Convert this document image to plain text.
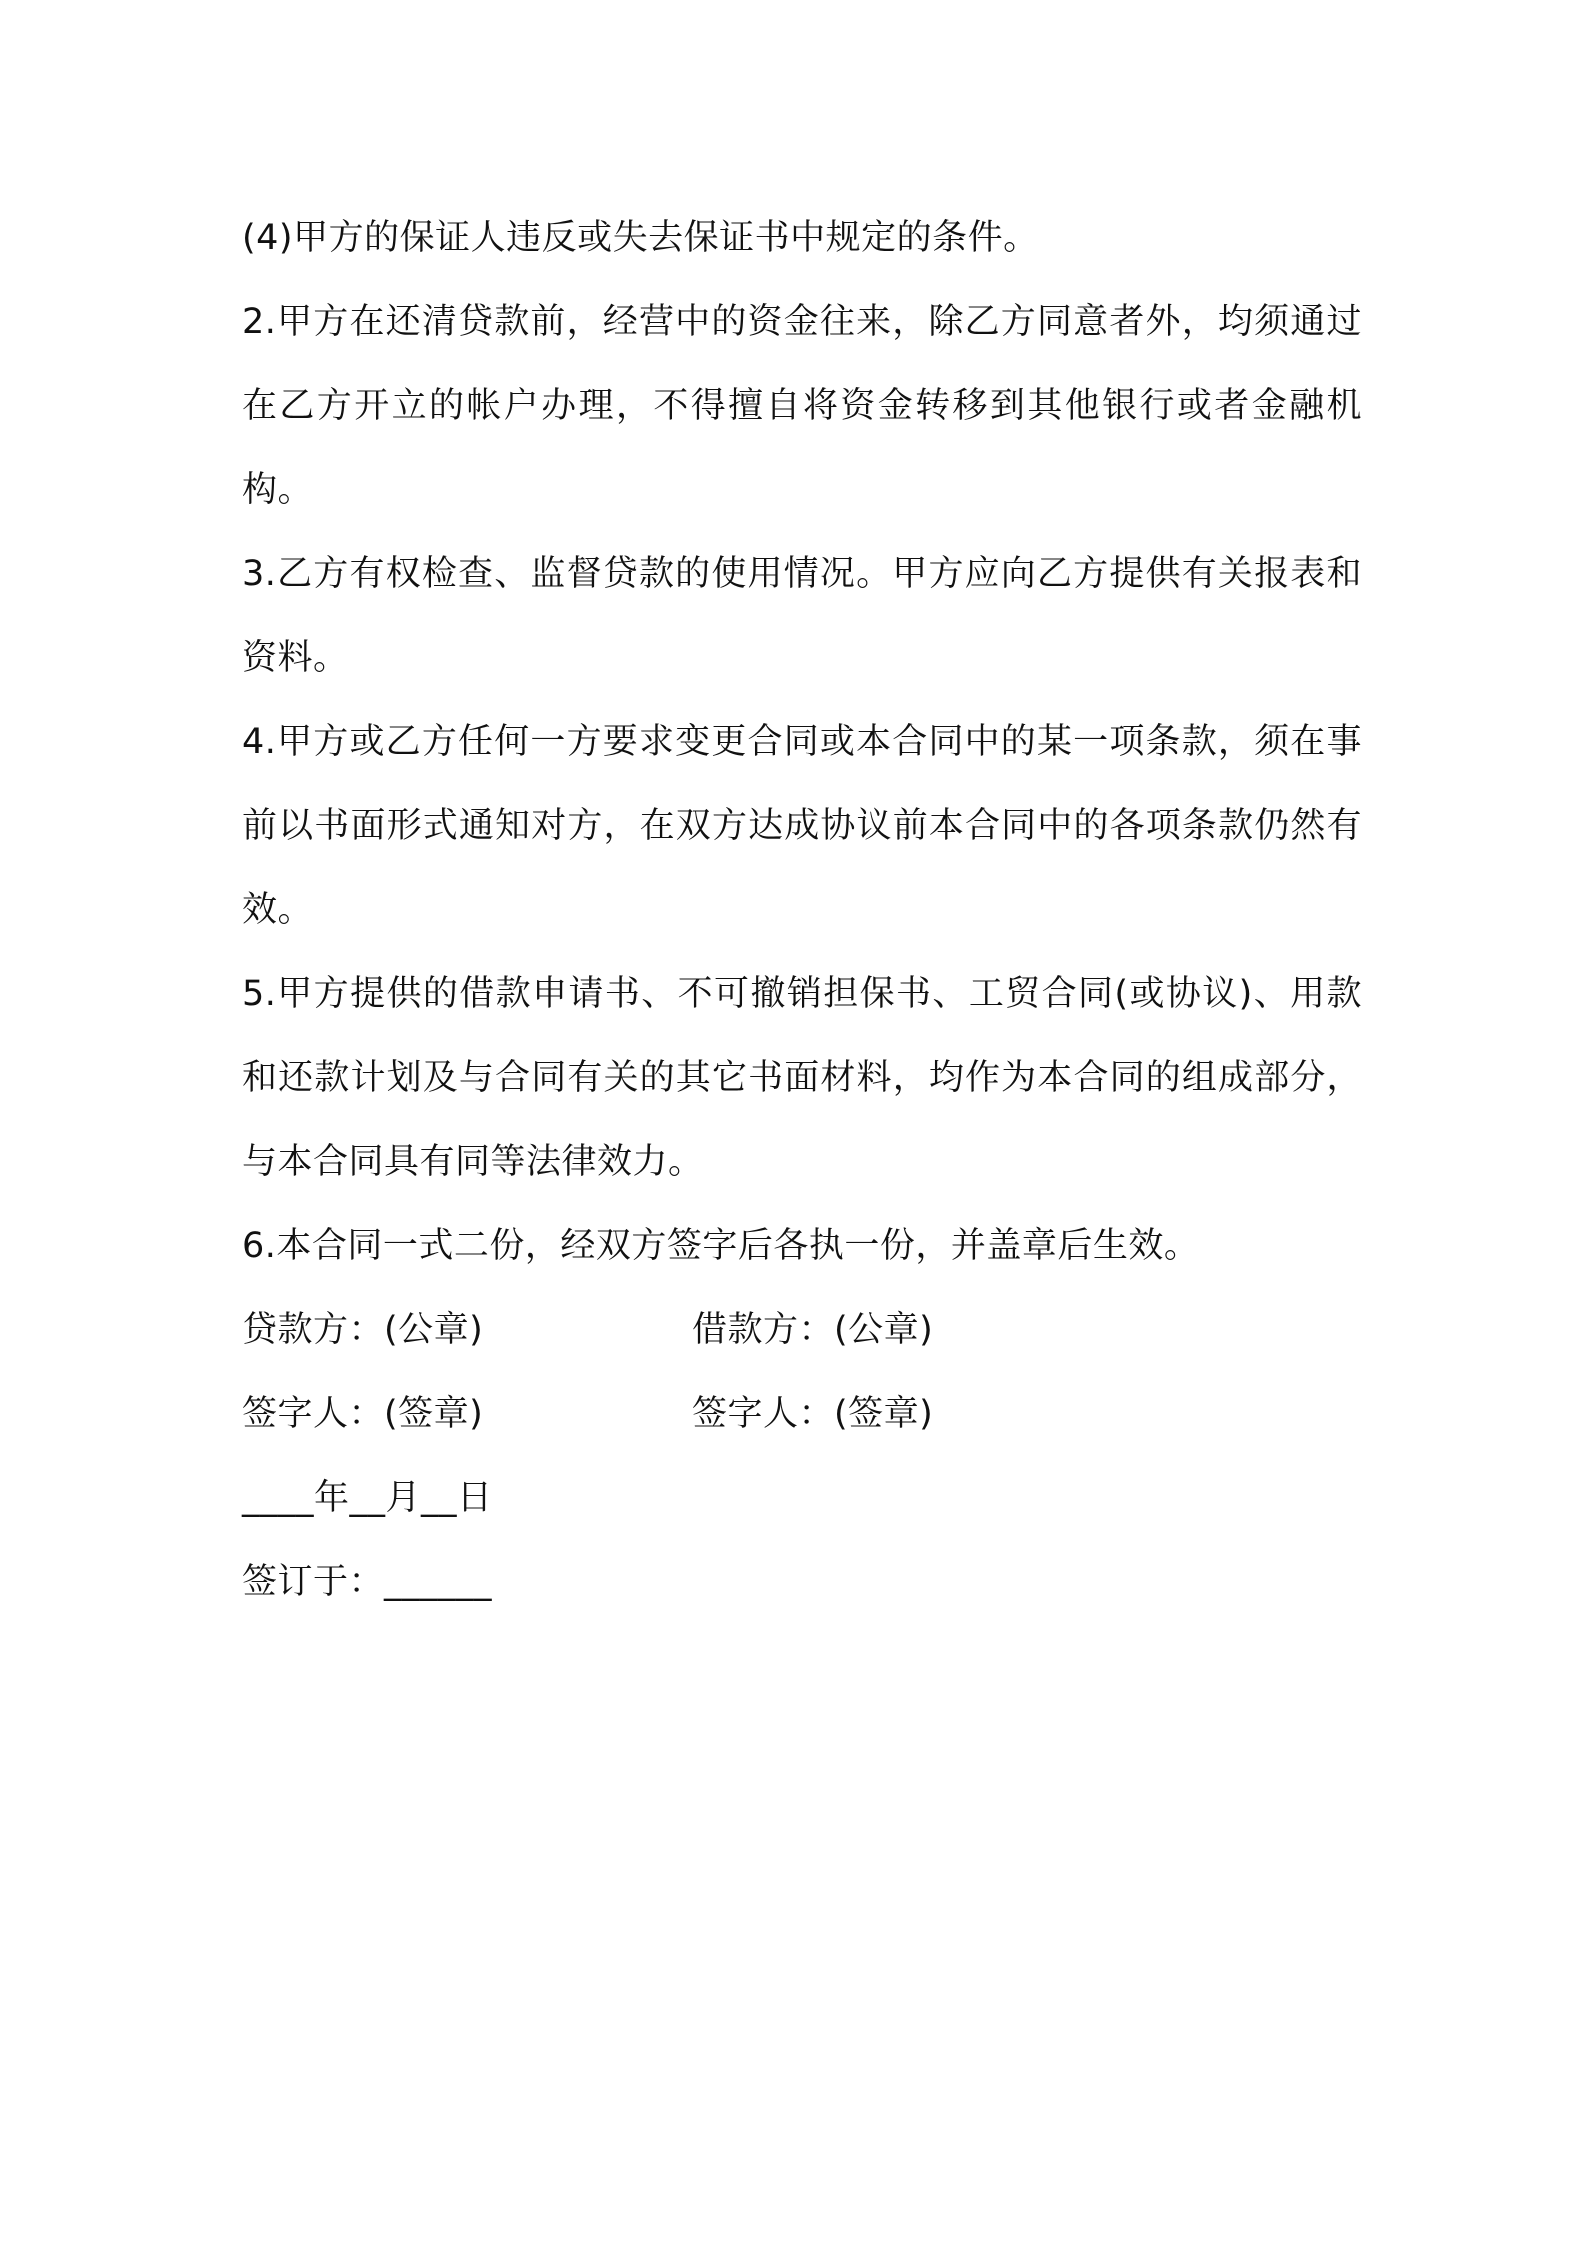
(4)甲方的保证人违反或失去保证书中规定的条件。

2.甲方在还清贷款前，经营中的资金往来，除乙方同意者外，均须通过在乙方开立的帐户办理，不得擅自将资金转移到其他银行或者金融机构。

3.乙方有权检查、监督贷款的使用情况。甲方应向乙方提供有关报表和资料。

4.甲方或乙方任何一方要求变更合同或本合同中的某一项条款，须在事前以书面形式通知对方，在双方达成协议前本合同中的各项条款仍然有效。

5.甲方提供的借款申请书、不可撤销担保书、工贸合同(或协议)、用款和还款计划及与合同有关的其它书面材料，均作为本合同的组成部分，与本合同具有同等法律效力。

6.本合同一式二份，经双方签字后各执一份，并盖章后生效。

贷款方：(公章)	借款方：(公章)
签字人：(签章)	签字人：(签章)

____年__月__日

签订于：______
